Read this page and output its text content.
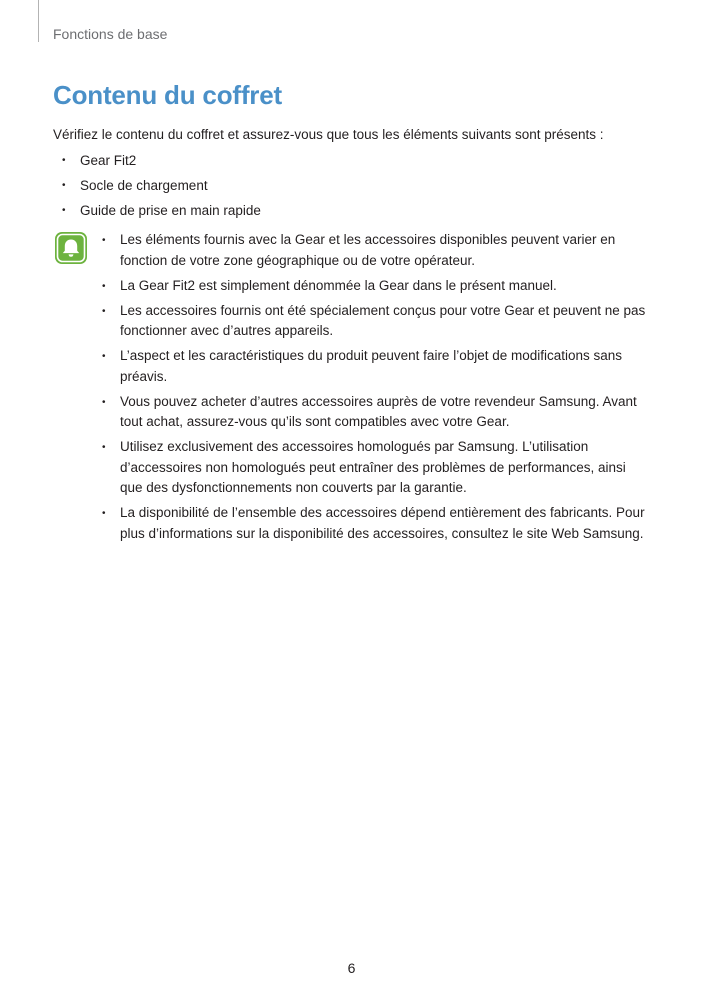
Fonctions de base
Contenu du coffret

Vérifiez le contenu du coffret et assurez-vous que tous les éléments suivants sont présents :

• Gear Fit2
• Socle de chargement
• Guide de prise en main rapide
• Les éléments fournis avec la Gear et les accessoires disponibles peuvent varier en fonction de votre zone géographique ou de votre opérateur.
• La Gear Fit2 est simplement dénommée la Gear dans le présent manuel.
• Les accessoires fournis ont été spécialement conçus pour votre Gear et peuvent ne pas fonctionner avec d’autres appareils.
• L’aspect et les caractéristiques du produit peuvent faire l’objet de modifications sans préavis.
• Vous pouvez acheter d’autres accessoires auprès de votre revendeur Samsung. Avant tout achat, assurez-vous qu’ils sont compatibles avec votre Gear.
• Utilisez exclusivement des accessoires homologués par Samsung. L’utilisation d’accessoires non homologués peut entraîner des problèmes de performances, ainsi que des dysfonctionnements non couverts par la garantie.
• La disponibilité de l’ensemble des accessoires dépend entièrement des fabricants. Pour plus d’informations sur la disponibilité des accessoires, consultez le site Web Samsung.
6
